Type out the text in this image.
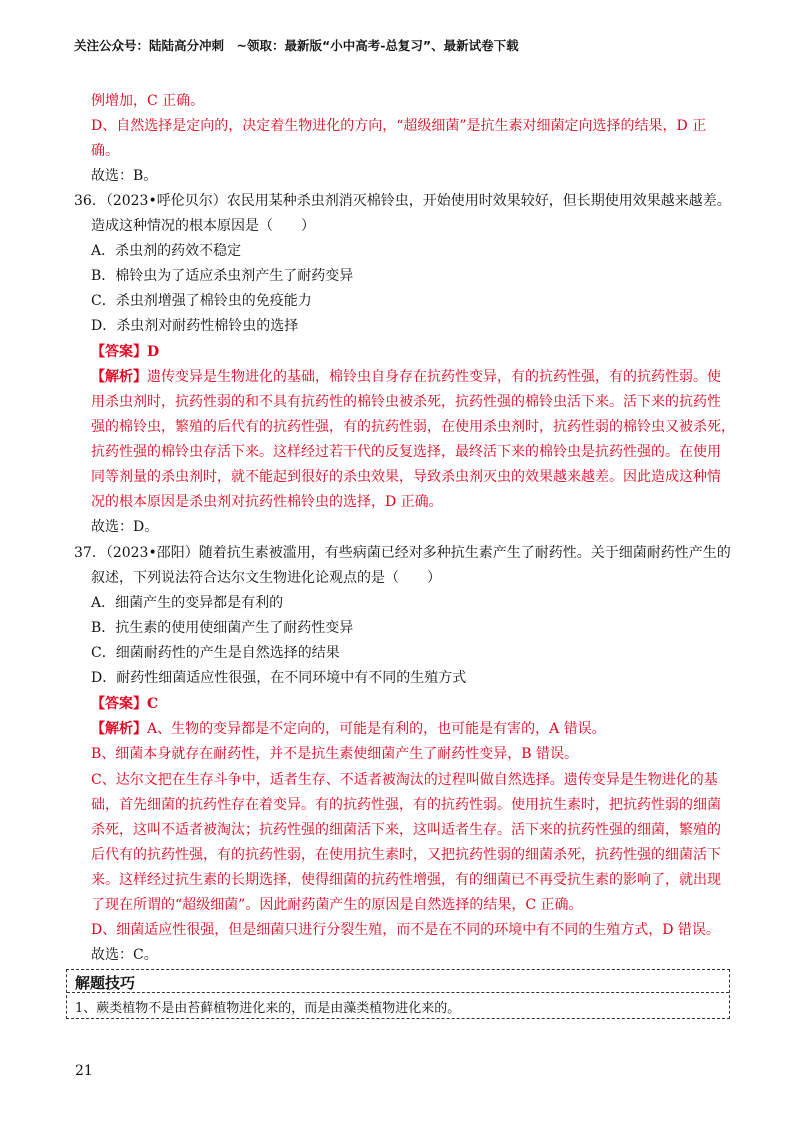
关注公众号：陆陆高分冲刺　~领取：最新版“小中高考-总复习”、最新试卷下载
例增加，C 正确。
D、自然选择是定向的，决定着生物进化的方向，“超级细菌”是抗生素对细菌定向选择的结果，D 正
确。
故选：B。
36．（2023•呼伦贝尔）农民用某种杀虫剂消灭棉铃虫，开始使用时效果较好，但长期使用效果越来越差。
造成这种情况的根本原因是（　　）
A．杀虫剂的药效不稳定
B．棉铃虫为了适应杀虫剂产生了耐药变异
C．杀虫剂增强了棉铃虫的免疫能力
D．杀虫剂对耐药性棉铃虫的选择
【答案】D
【解析】遗传变异是生物进化的基础，棉铃虫自身存在抗药性变异，有的抗药性强，有的抗药性弱。使
用杀虫剂时，抗药性弱的和不具有抗药性的棉铃虫被杀死，抗药性强的棉铃虫活下来。活下来的抗药性
强的棉铃虫，繁殖的后代有的抗药性强，有的抗药性弱，在使用杀虫剂时，抗药性弱的棉铃虫又被杀死，
抗药性强的棉铃虫存活下来。这样经过若干代的反复选择，最终活下来的棉铃虫是抗药性强的。在使用
同等剂量的杀虫剂时，就不能起到很好的杀虫效果，导致杀虫剂灭虫的效果越来越差。因此造成这种情
况的根本原因是杀虫剂对抗药性棉铃虫的选择，D 正确。
故选：D。
37．（2023•邵阳）随着抗生素被滥用，有些病菌已经对多种抗生素产生了耐药性。关于细菌耐药性产生的
叙述，下列说法符合达尔文生物进化论观点的是（　　）
A．细菌产生的变异都是有利的
B．抗生素的使用使细菌产生了耐药性变异
C．细菌耐药性的产生是自然选择的结果
D．耐药性细菌适应性很强，在不同环境中有不同的生殖方式
【答案】C
【解析】A、生物的变异都是不定向的，可能是有利的，也可能是有害的，A 错误。
B、细菌本身就存在耐药性，并不是抗生素使细菌产生了耐药性变异，B 错误。
C、达尔文把在生存斗争中，适者生存、不适者被淘汰的过程叫做自然选择。遗传变异是生物进化的基
础，首先细菌的抗药性存在着变异。有的抗药性强，有的抗药性弱。使用抗生素时，把抗药性弱的细菌
杀死，这叫不适者被淘汰；抗药性强的细菌活下来，这叫适者生存。活下来的抗药性强的细菌，繁殖的
后代有的抗药性强，有的抗药性弱，在使用抗生素时，又把抗药性弱的细菌杀死，抗药性强的细菌活下
来。这样经过抗生素的长期选择，使得细菌的抗药性增强，有的细菌已不再受抗生素的影响了，就出现
了现在所谓的“超级细菌”。因此耐药菌产生的原因是自然选择的结果，C 正确。
D、细菌适应性很强，但是细菌只进行分裂生殖，而不是在不同的环境中有不同的生殖方式，D 错误。
故选：C。
解题技巧
1、蕨类植物不是由苔藓植物进化来的，而是由藻类植物进化来的。
21
